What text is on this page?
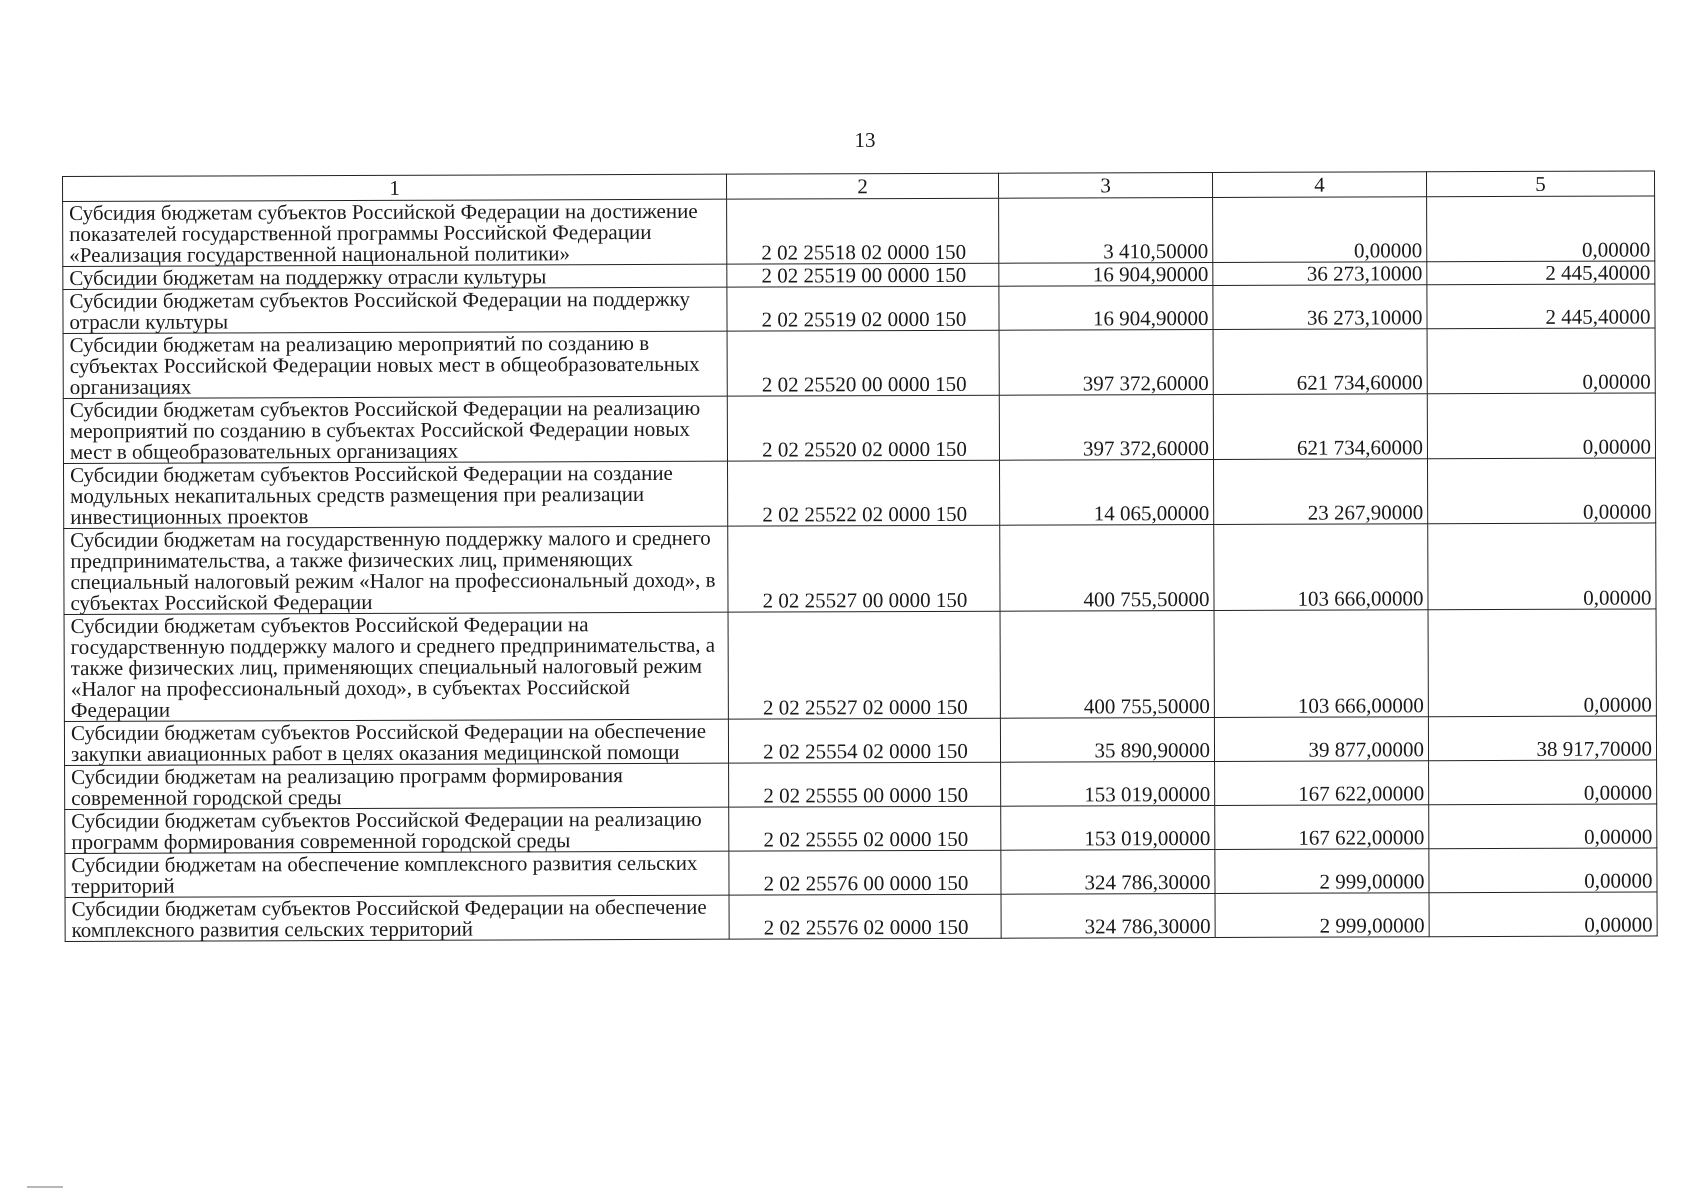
13
1	2	3	4	5
Субсидия бюджетам субъектов Российской Федерации на достижение показателей государственной программы Российской Федерации «Реализация государственной национальной политики»	2 02 25518 02 0000 150	3 410,50000	0,00000	0,00000
Субсидии бюджетам на поддержку отрасли культуры	2 02 25519 00 0000 150	16 904,90000	36 273,10000	2 445,40000
Субсидии бюджетам субъектов Российской Федерации на поддержку отрасли культуры	2 02 25519 02 0000 150	16 904,90000	36 273,10000	2 445,40000
Субсидии бюджетам на реализацию мероприятий по созданию в субъектах Российской Федерации новых мест в общеобразовательных организациях	2 02 25520 00 0000 150	397 372,60000	621 734,60000	0,00000
Субсидии бюджетам субъектов Российской Федерации на реализацию мероприятий по созданию в субъектах Российской Федерации новых мест в общеобразовательных организациях	2 02 25520 02 0000 150	397 372,60000	621 734,60000	0,00000
Субсидии бюджетам субъектов Российской Федерации на создание модульных некапитальных средств размещения при реализации инвестиционных проектов	2 02 25522 02 0000 150	14 065,00000	23 267,90000	0,00000
Субсидии бюджетам на государственную поддержку малого и среднего предпринимательства, а также физических лиц, применяющих специальный налоговый режим «Налог на профессиональный доход», в субъектах Российской Федерации	2 02 25527 00 0000 150	400 755,50000	103 666,00000	0,00000
Субсидии бюджетам субъектов Российской Федерации на государственную поддержку малого и среднего предпринимательства, а также физических лиц, применяющих специальный налоговый режим «Налог на профессиональный доход», в субъектах Российской Федерации	2 02 25527 02 0000 150	400 755,50000	103 666,00000	0,00000
Субсидии бюджетам субъектов Российской Федерации на обеспечение закупки авиационных работ в целях оказания медицинской помощи	2 02 25554 02 0000 150	35 890,90000	39 877,00000	38 917,70000
Субсидии бюджетам на реализацию программ формирования современной городской среды	2 02 25555 00 0000 150	153 019,00000	167 622,00000	0,00000
Субсидии бюджетам субъектов Российской Федерации на реализацию программ формирования современной городской среды	2 02 25555 02 0000 150	153 019,00000	167 622,00000	0,00000
Субсидии бюджетам на обеспечение комплексного развития сельских территорий	2 02 25576 00 0000 150	324 786,30000	2 999,00000	0,00000
Субсидии бюджетам субъектов Российской Федерации на обеспечение комплексного развития сельских территорий	2 02 25576 02 0000 150	324 786,30000	2 999,00000	0,00000
